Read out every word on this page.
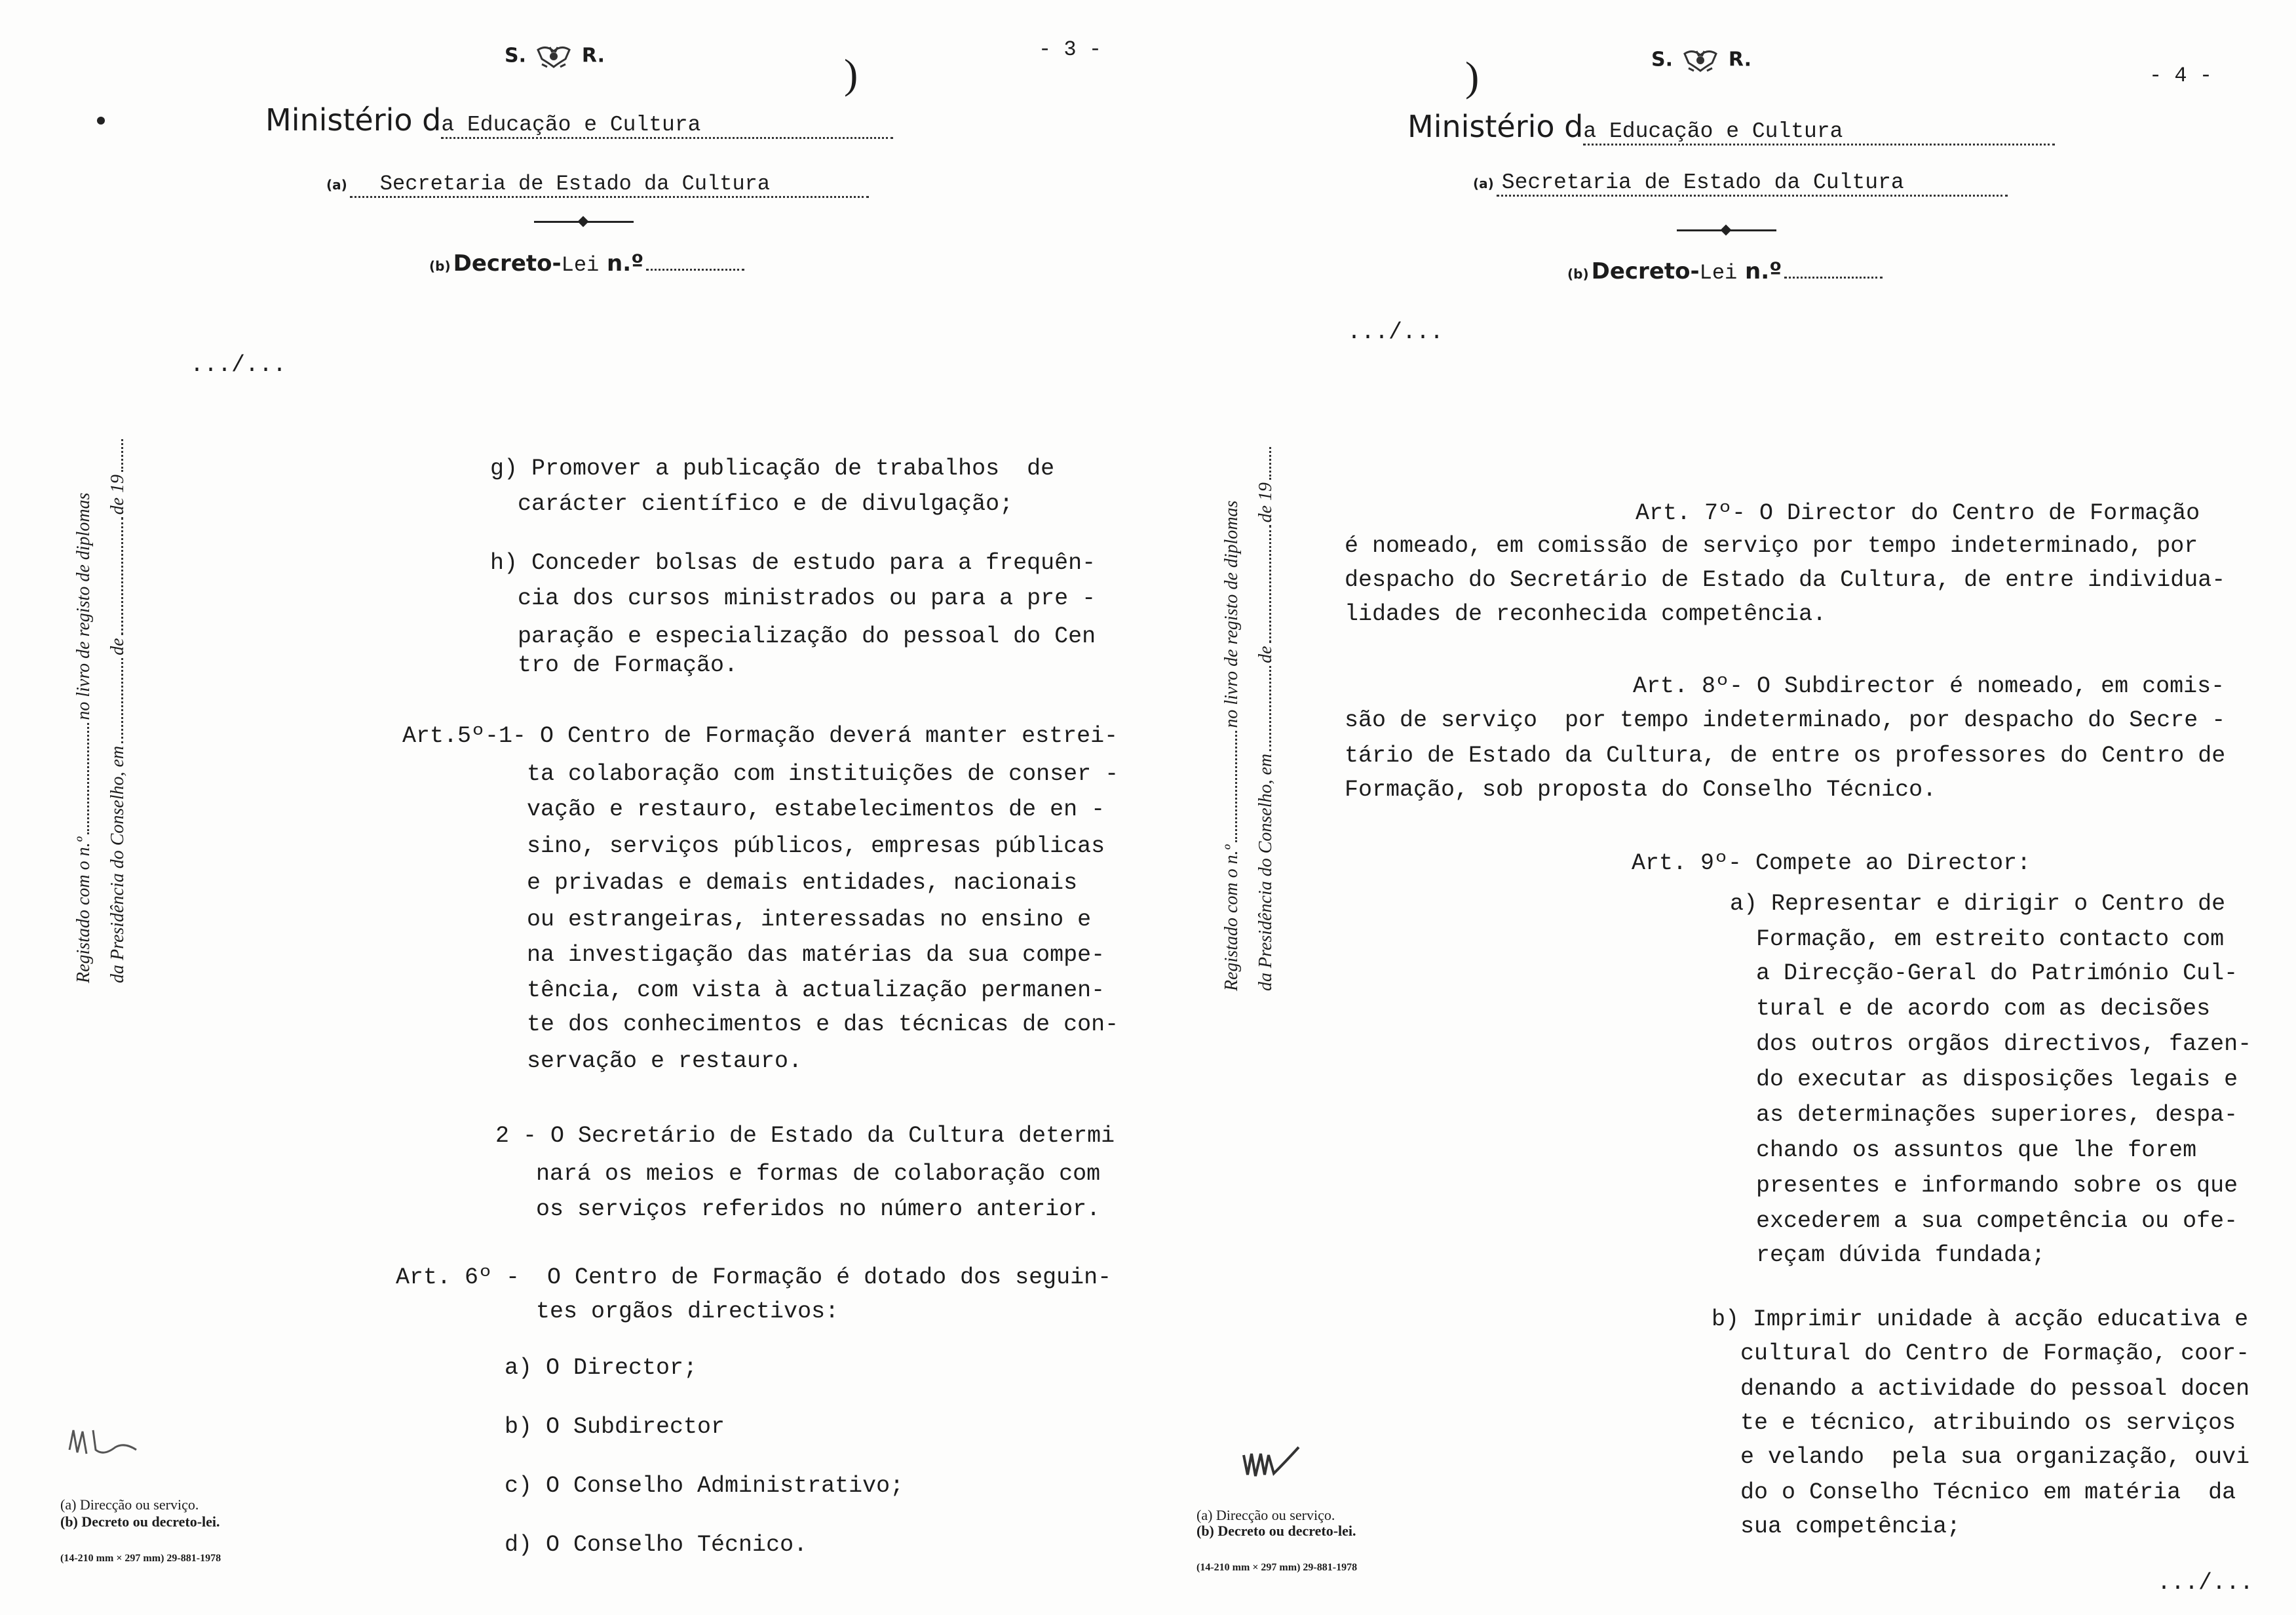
S.	R.	- 3 -
)
Ministério da Educação e Cultura
(a) Secretaria de Estado da Cultura
(b) Decreto-Lei n.º
.../...
Registado com o n.º  no livro de registo de diplomas
da Presidência do Conselho, em  de  de 19
g) Promover a publicação de trabalhos  de
carácter científico e de divulgação;
h) Conceder bolsas de estudo para a frequên-
cia dos cursos ministrados ou para a pre -
paração e especialização do pessoal do Cen
tro de Formação.
Art.5º-1- O Centro de Formação deverá manter estrei-
ta colaboração com instituições de conser -
vação e restauro, estabelecimentos de en -
sino, serviços públicos, empresas públicas
e privadas e demais entidades, nacionais
ou estrangeiras, interessadas no ensino e
na investigação das matérias da sua compe-
tência, com vista à actualização permanen-
te dos conhecimentos e das técnicas de con-
servação e restauro.
2 - O Secretário de Estado da Cultura determi
nará os meios e formas de colaboração com
os serviços referidos no número anterior.
Art. 6º -  O Centro de Formação é dotado dos seguin-
tes orgãos directivos:
a) O Director;
b) O Subdirector
c) O Conselho Administrativo;
d) O Conselho Técnico.
(a) Direcção ou serviço.
(b) Decreto ou decreto-lei.
(14-210 mm × 297 mm) 29-881-1978
S.	R.
- 4 -
)
Ministério da Educação e Cultura
(a) Secretaria de Estado da Cultura
(b) Decreto-Lei n.º
.../...
Registado com o n.º  no livro de registo de diplomas
da Presidência do Conselho, em  de  de 19	Art. 7º- O Director do Centro de Formação
é nomeado, em comissão de serviço por tempo indeterminado, por
despacho do Secretário de Estado da Cultura, de entre individua-
lidades de reconhecida competência.
Art. 8º- O Subdirector é nomeado, em comis-
são de serviço  por tempo indeterminado, por despacho do Secre -
tário de Estado da Cultura, de entre os professores do Centro de
Formação, sob proposta do Conselho Técnico.
Art. 9º- Compete ao Director:
a) Representar e dirigir o Centro de
Formação, em estreito contacto com
a Direcção-Geral do Património Cul-
tural e de acordo com as decisões
dos outros orgãos directivos, fazen-
do executar as disposições legais e
as determinações superiores, despa-
chando os assuntos que lhe forem
presentes e informando sobre os que
excederem a sua competência ou ofe-
reçam dúvida fundada;
b) Imprimir unidade à acção educativa e
cultural do Centro de Formação, coor-
denando a actividade do pessoal docen
te e técnico, atribuindo os serviços
e velando  pela sua organização, ouvi
do o Conselho Técnico em matéria  da
sua competência;
.../...
(a) Direcção ou serviço.
(b) Decreto ou decreto-lei.
(14-210 mm × 297 mm) 29-881-1978
